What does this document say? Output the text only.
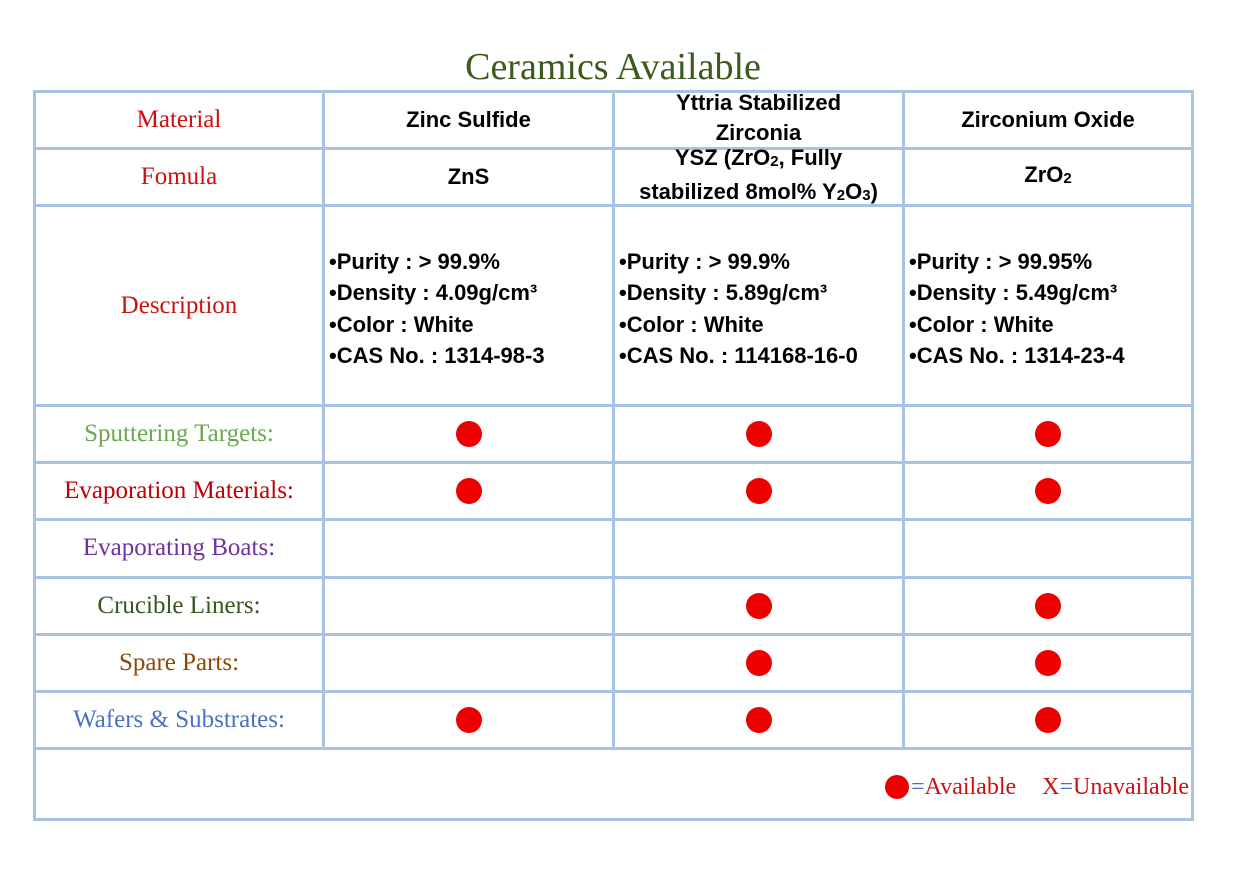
Ceramics Available
Material	Zinc Sulfide
Yttria Stabilized
Zirconia
Zirconium Oxide
Fomula	ZnS
YSZ (ZrO$_2$, Fully
stabilized 8mol% $Y_2O_3$)
ZrO$_2$
Description
•Purity : > 99.9%
•Density : 4.09g/cm³
•Color : White
•CAS No. : 1314-98-3
•Purity : > 99.9%
•Density : 5.89g/cm³
•Color : White
•CAS No. : 114168-16-0
•Purity : > 99.95%
•Density : 5.49g/cm³
•Color : White
•CAS No. : 1314-23-4
Sputtering Targets:
Evaporation Materials:
Evaporating Boats:
Crucible Liners:
Spare Parts:
Wafers & Substrates:
= Available X = Unavailable
